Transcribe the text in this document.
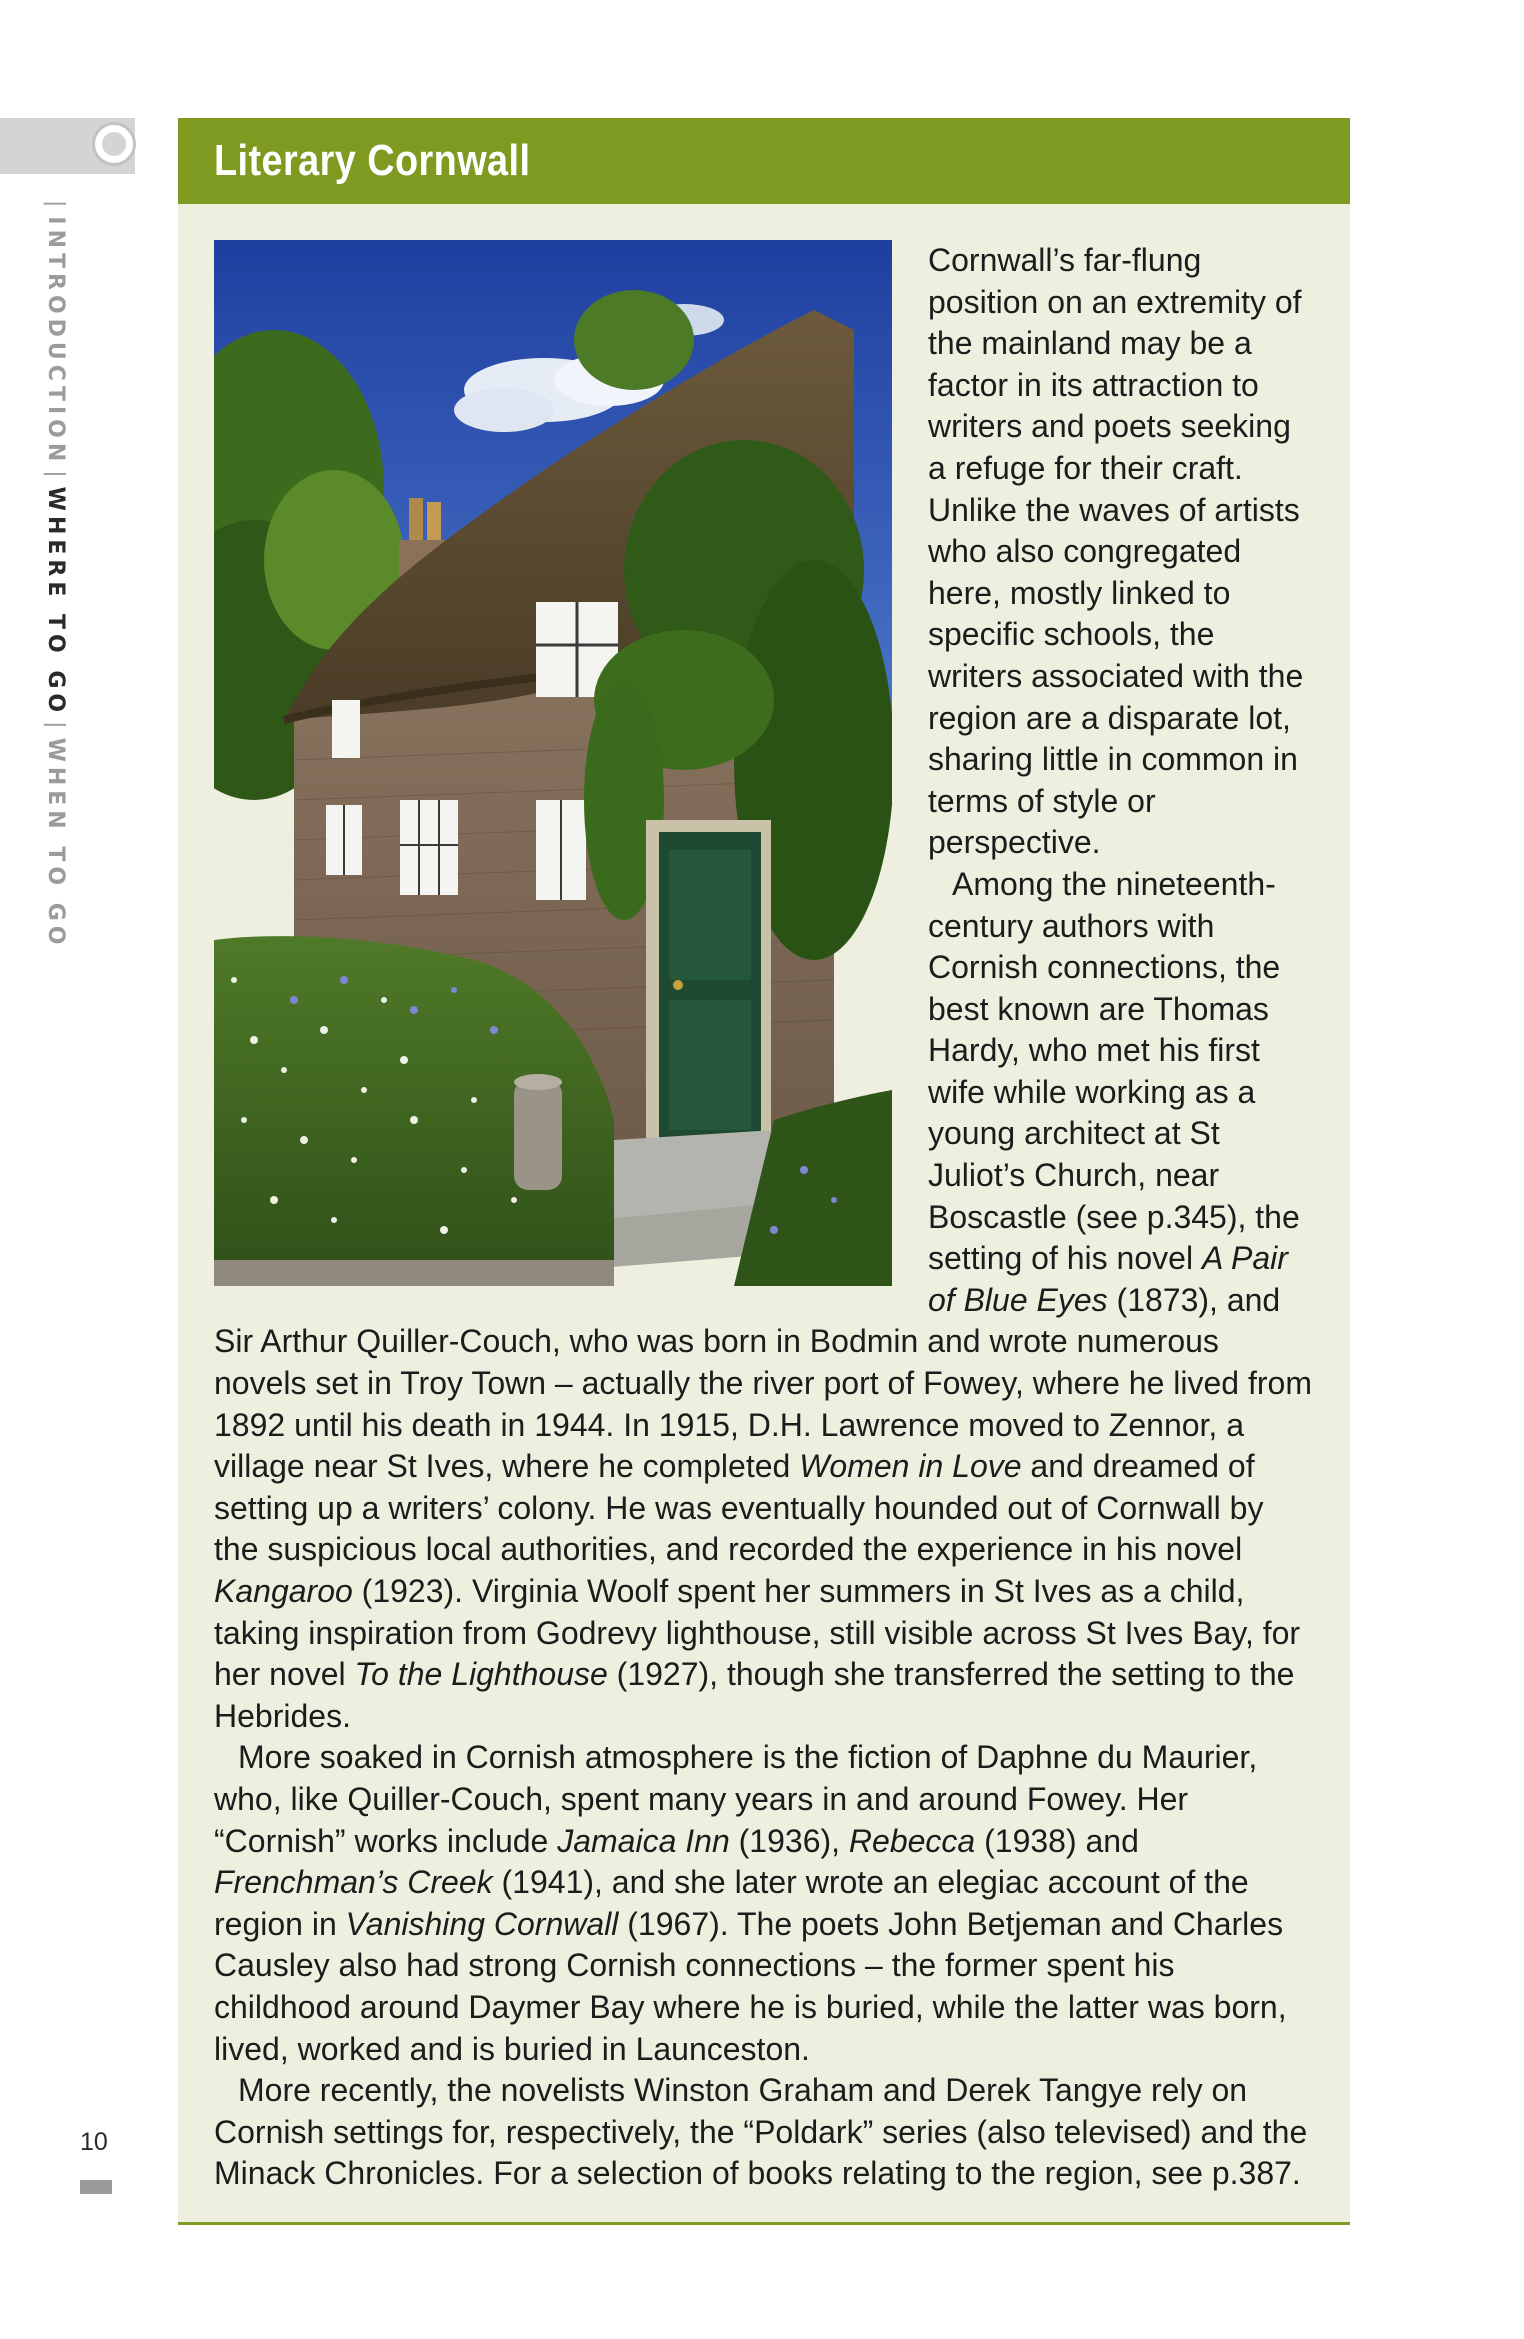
|INTRODUCTION|WHERE TO GO|WHEN TO GO
10
Literary Cornwall

Cornwall’s far-flung position on an extremity of the mainland may be a factor in its attraction to writers and poets seeking a refuge for their craft. Unlike the waves of artists who also congregated here, mostly linked to specific schools, the writers associated with the region are a disparate lot, sharing little in common in terms of style or perspective.

Among the nineteenth-century authors with Cornish connections, the best known are Thomas Hardy, who met his first wife while working as a young architect at St Juliot’s Church, near Boscastle (see p.345), the setting of his novel A Pair of Blue Eyes (1873), and Sir Arthur Quiller-Couch, who was born in Bodmin and wrote numerous novels set in Troy Town – actually the river port of Fowey, where he lived from 1892 until his death in 1944. In 1915, D.H. Lawrence moved to Zennor, a village near St Ives, where he completed Women in Love and dreamed of setting up a writers’ colony. He was eventually hounded out of Cornwall by the suspicious local authorities, and recorded the experience in his novel Kangaroo (1923). Virginia Woolf spent her summers in St Ives as a child, taking inspiration from Godrevy lighthouse, still visible across St Ives Bay, for her novel To the Lighthouse (1927), though she transferred the setting to the Hebrides.

More soaked in Cornish atmosphere is the fiction of Daphne du Maurier, who, like Quiller-Couch, spent many years in and around Fowey. Her “Cornish” works include Jamaica Inn (1936), Rebecca (1938) and Frenchman’s Creek (1941), and she later wrote an elegiac account of the region in Vanishing Cornwall (1967). The poets John Betjeman and Charles Causley also had strong Cornish connections – the former spent his childhood around Daymer Bay where he is buried, while the latter was born, lived, worked and is buried in Launceston.

More recently, the novelists Winston Graham and Derek Tangye rely on Cornish settings for, respectively, the “Poldark” series (also televised) and the Minack Chronicles. For a selection of books relating to the region, see p.387.
